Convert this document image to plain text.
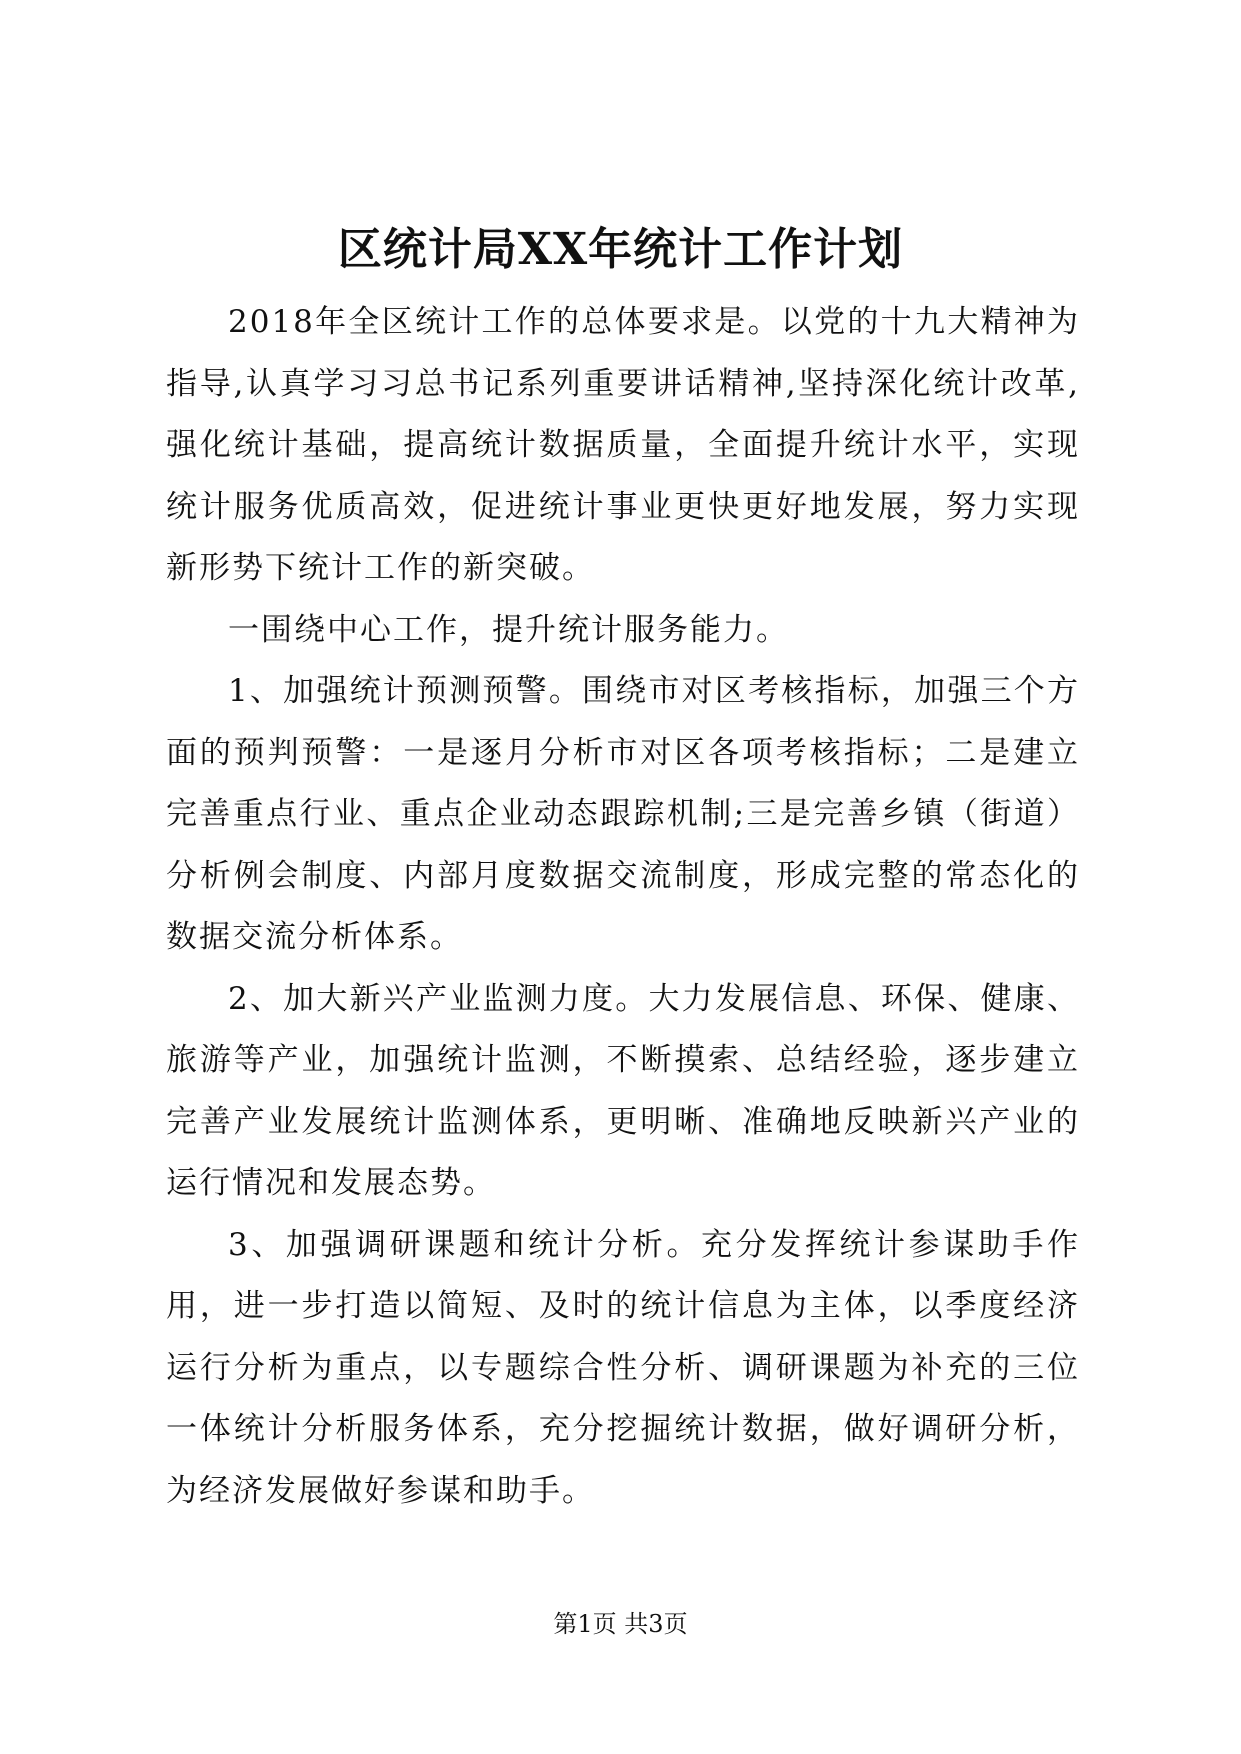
区统计局XX年统计工作计划

2018年全区统计工作的总体要求是。以党的十九大精神为指导,认真学习习总书记系列重要讲话精神,坚持深化统计改革,强化统计基础，提高统计数据质量，全面提升统计水平，实现统计服务优质高效，促进统计事业更快更好地发展，努力实现新形势下统计工作的新突破。

一围绕中心工作，提升统计服务能力。

1、加强统计预测预警。围绕市对区考核指标，加强三个方面的预判预警：一是逐月分析市对区各项考核指标；二是建立完善重点行业、重点企业动态跟踪机制;三是完善乡镇（街道）分析例会制度、内部月度数据交流制度，形成完整的常态化的数据交流分析体系。

2、加大新兴产业监测力度。大力发展信息、环保、健康、旅游等产业，加强统计监测，不断摸索、总结经验，逐步建立完善产业发展统计监测体系，更明晰、准确地反映新兴产业的运行情况和发展态势。

3、加强调研课题和统计分析。充分发挥统计参谋助手作用，进一步打造以简短、及时的统计信息为主体，以季度经济运行分析为重点，以专题综合性分析、调研课题为补充的三位一体统计分析服务体系，充分挖掘统计数据，做好调研分析，为经济发展做好参谋和助手。

第1页 共3页
